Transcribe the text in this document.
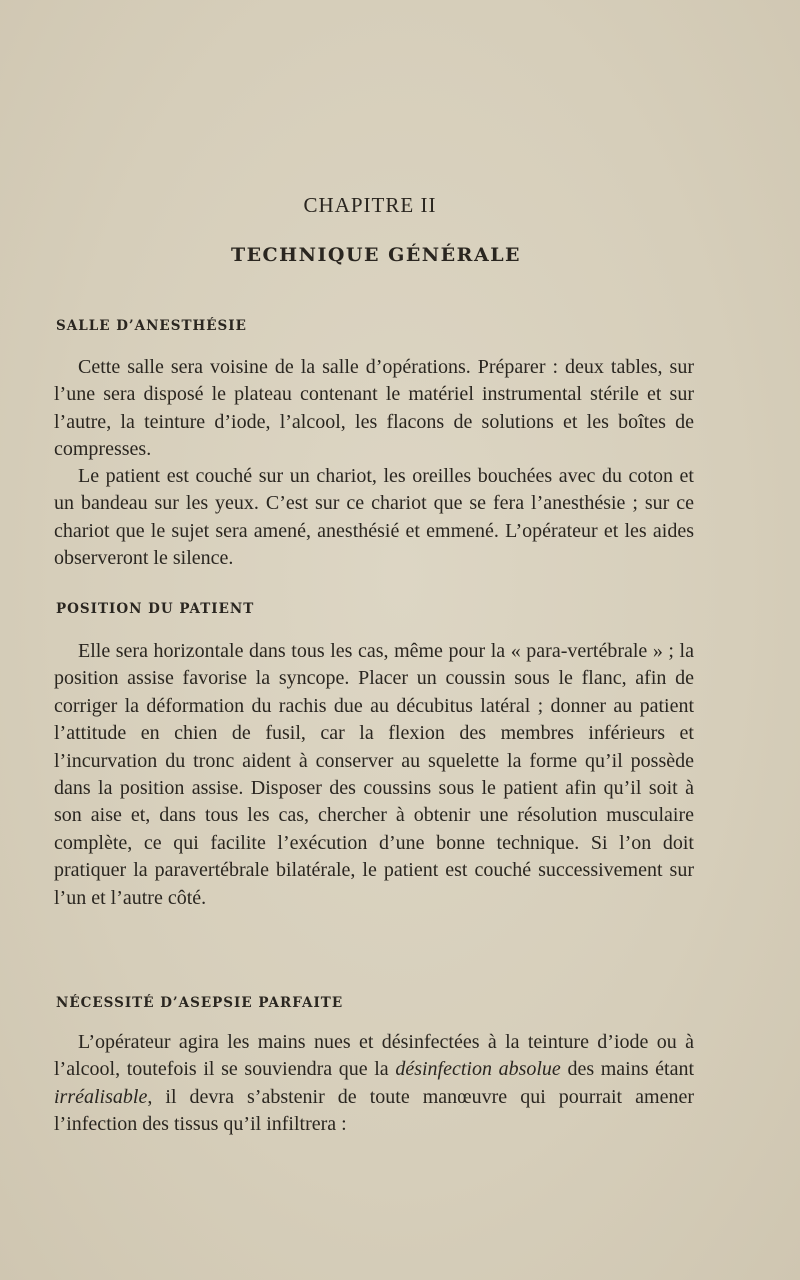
CHAPITRE II
TECHNIQUE GÉNÉRALE
SALLE D’ANESTHÉSIE

Cette salle sera voisine de la salle d’opérations. Préparer : deux tables, sur l’une sera disposé le plateau contenant le matériel instrumental stérile et sur l’autre, la teinture d’iode, l’alcool, les flacons de solutions et les boîtes de compresses.

Le patient est couché sur un chariot, les oreilles bouchées avec du coton et un bandeau sur les yeux. C’est sur ce chariot que se fera l’anesthésie ; sur ce chariot que le sujet sera amené, anesthésié et emmené. L’opérateur et les aides observeront le silence.

POSITION DU PATIENT

Elle sera horizontale dans tous les cas, même pour la « para-vertébrale » ; la position assise favorise la syncope. Placer un coussin sous le flanc, afin de corriger la déformation du rachis due au décubitus latéral ; donner au patient l’attitude en chien de fusil, car la flexion des membres inférieurs et l’incurvation du tronc aident à conserver au squelette la forme qu’il possède dans la position assise. Disposer des coussins sous le patient afin qu’il soit à son aise et, dans tous les cas, chercher à obtenir une résolution musculaire complète, ce qui facilite l’exécution d’une bonne technique. Si l’on doit pratiquer la paravertébrale bilatérale, le patient est couché successivement sur l’un et l’autre côté.

NÉCESSITÉ D’ASEPSIE PARFAITE

L’opérateur agira les mains nues et désinfectées à la teinture d’iode ou à l’alcool, toutefois il se souviendra que la désinfection absolue des mains étant irréalisable, il devra s’abstenir de toute manœuvre qui pourrait amener l’infection des tissus qu’il infiltrera :
